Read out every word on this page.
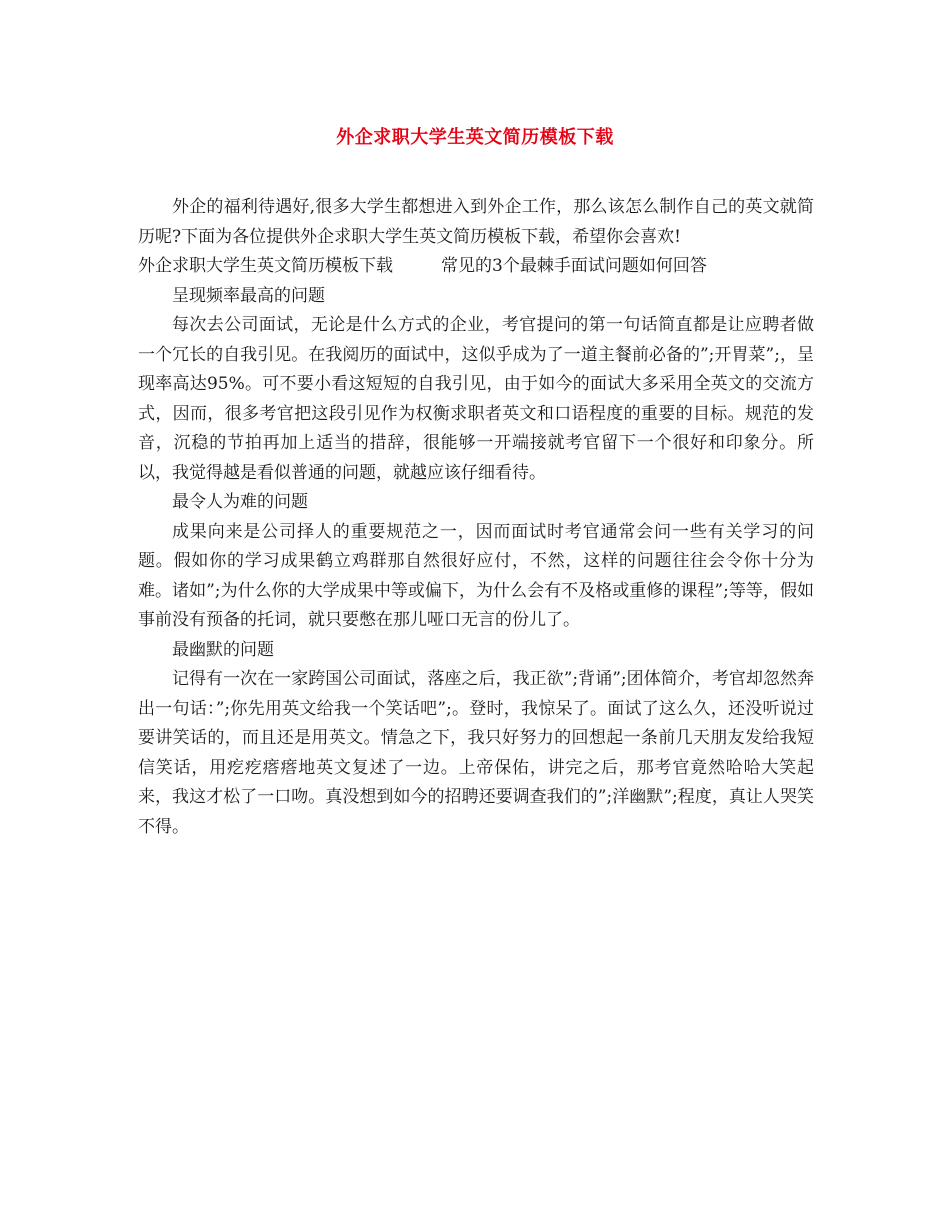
外企求职大学生英文简历模板下载

外企的福利待遇好,很多大学生都想进入到外企工作，那么该怎么制作自己的英文就简历呢?下面为各位提供外企求职大学生英文简历模板下载，希望你会喜欢!

外企求职大学生英文简历模板下载	常见的3个最棘手面试问题如何回答

呈现频率最高的问题

每次去公司面试，无论是什么方式的企业，考官提问的第一句话简直都是让应聘者做一个冗长的自我引见。在我阅历的面试中，这似乎成为了一道主餐前必备的”;开胃菜”;，呈现率高达95%。可不要小看这短短的自我引见，由于如今的面试大多采用全英文的交流方式，因而，很多考官把这段引见作为权衡求职者英文和口语程度的重要的目标。规范的发音，沉稳的节拍再加上适当的措辞，很能够一开端接就考官留下一个很好和印象分。所以，我觉得越是看似普通的问题，就越应该仔细看待。

最令人为难的问题

成果向来是公司择人的重要规范之一，因而面试时考官通常会问一些有关学习的问题。假如你的学习成果鹤立鸡群那自然很好应付，不然，这样的问题往往会令你十分为难。诸如”;为什么你的大学成果中等或偏下，为什么会有不及格或重修的课程”;等等，假如事前没有预备的托词，就只要憋在那儿哑口无言的份儿了。

最幽默的问题

记得有一次在一家跨国公司面试，落座之后，我正欲”;背诵”;团体简介，考官却忽然奔出一句话：”;你先用英文给我一个笑话吧”;。登时，我惊呆了。面试了这么久，还没听说过要讲笑话的，而且还是用英文。情急之下，我只好努力的回想起一条前几天朋友发给我短信笑话，用疙疙瘩瘩地英文复述了一边。上帝保佑，讲完之后，那考官竟然哈哈大笑起来，我这才松了一口吻。真没想到如今的招聘还要调查我们的”;洋幽默”;程度，真让人哭笑不得。
